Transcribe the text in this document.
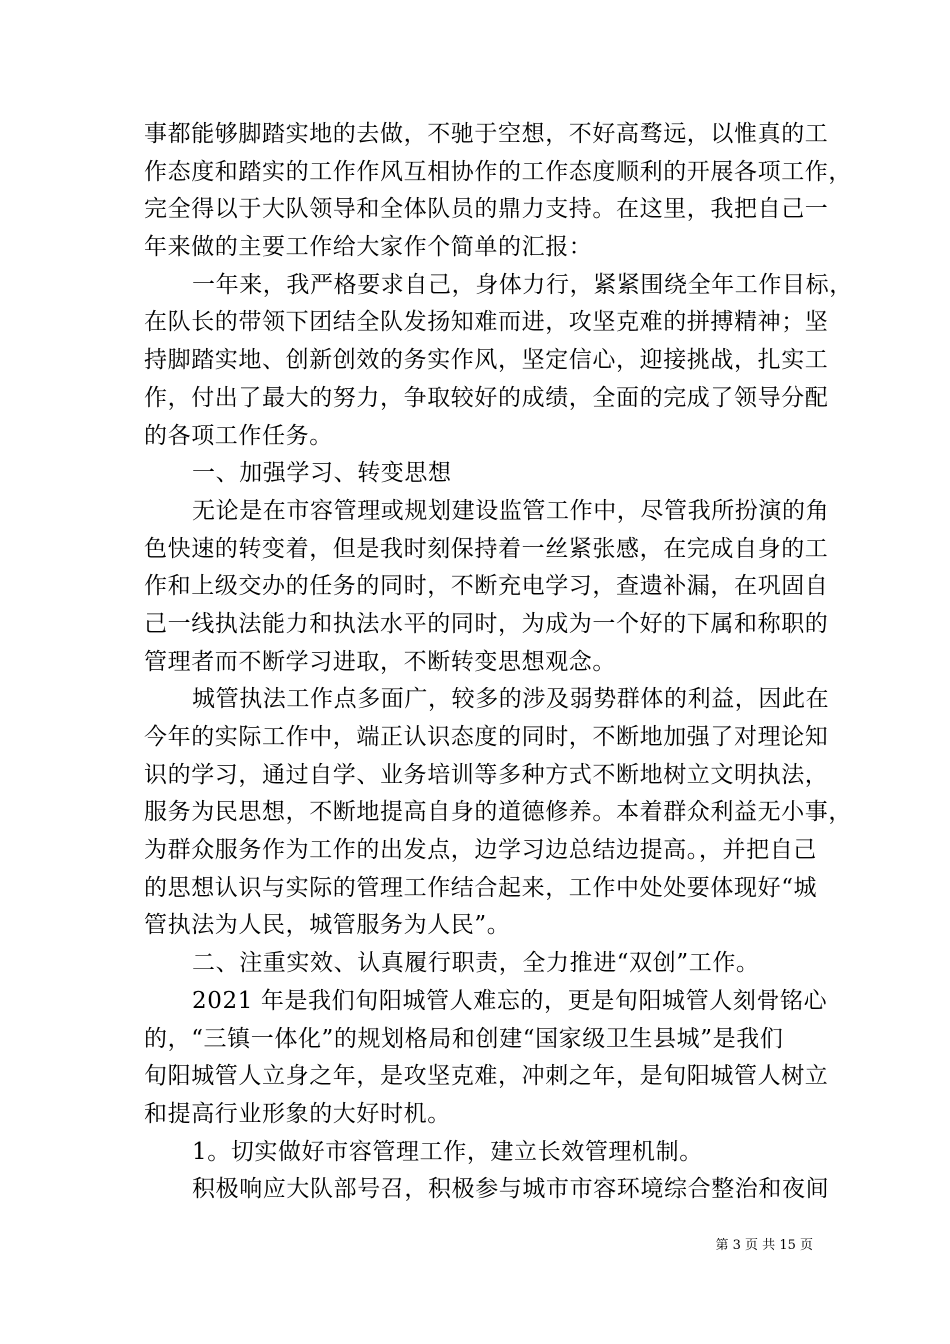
事都能够脚踏实地的去做，不驰于空想，不好高骛远，以惟真的工
作态度和踏实的工作作风互相协作的工作态度顺利的开展各项工作，
完全得以于大队领导和全体队员的鼎力支持。在这里，我把自己一
年来做的主要工作给大家作个简单的汇报：
一年来，我严格要求自己，身体力行，紧紧围绕全年工作目标，
在队长的带领下团结全队发扬知难而进，攻坚克难的拼搏精神；坚
持脚踏实地、创新创效的务实作风，坚定信心，迎接挑战，扎实工
作，付出了最大的努力，争取较好的成绩，全面的完成了领导分配
的各项工作任务。
一、加强学习、转变思想
无论是在市容管理或规划建设监管工作中，尽管我所扮演的角
色快速的转变着，但是我时刻保持着一丝紧张感，在完成自身的工
作和上级交办的任务的同时，不断充电学习，查遗补漏，在巩固自
己一线执法能力和执法水平的同时，为成为一个好的下属和称职的
管理者而不断学习进取，不断转变思想观念。
城管执法工作点多面广，较多的涉及弱势群体的利益，因此在
今年的实际工作中，端正认识态度的同时，不断地加强了对理论知
识的学习，通过自学、业务培训等多种方式不断地树立文明执法，
服务为民思想，不断地提高自身的道德修养。本着群众利益无小事，
为群众服务作为工作的出发点，边学习边总结边提高。，并把自己
的思想认识与实际的管理工作结合起来，工作中处处要体现好“城
管执法为人民，城管服务为人民”。
二、注重实效、认真履行职责，全力推进“双创”工作。
2021 年是我们旬阳城管人难忘的，更是旬阳城管人刻骨铭心
的，“三镇一体化”的规划格局和创建“国家级卫生县城”是我们
旬阳城管人立身之年，是攻坚克难，冲刺之年，是旬阳城管人树立
和提高行业形象的大好时机。
1。切实做好市容管理工作，建立长效管理机制。
积极响应大队部号召，积极参与城市市容环境综合整治和夜间
第 3 页 共 15 页
